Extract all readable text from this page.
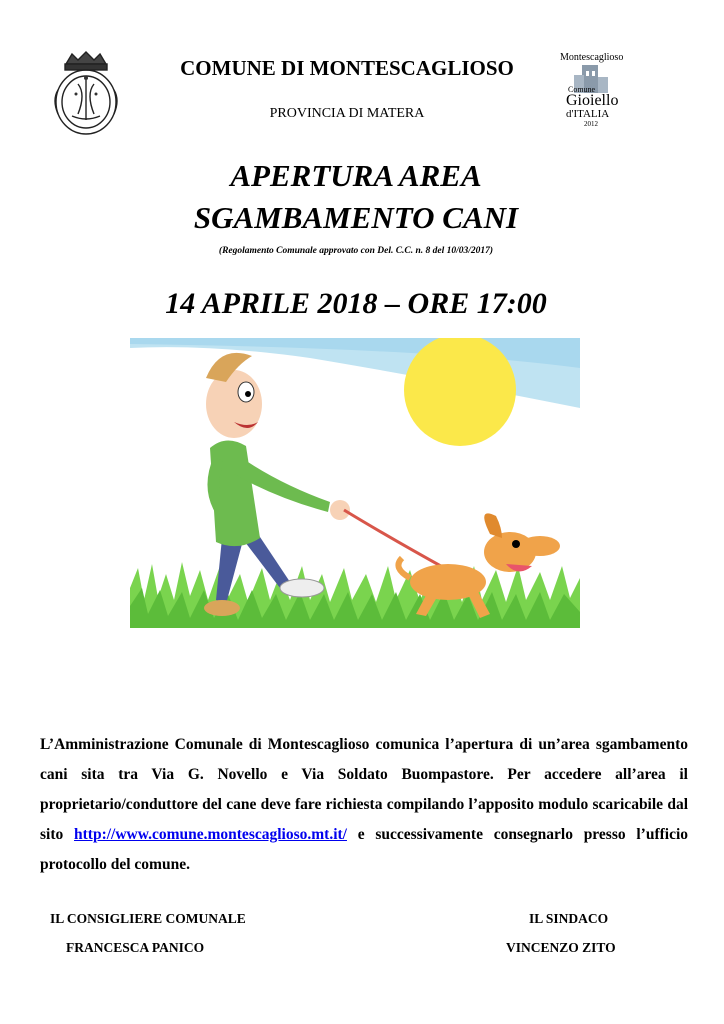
Montescaglioso
Comune
Gioiello
d'ITALIA
2012
COMUNE DI MONTESCAGLIOSO
PROVINCIA DI MATERA
APERTURA AREA
SGAMBAMENTO CANI
(Regolamento Comunale approvato con Del. C.C. n. 8 del 10/03/2017)
14 APRILE 2018 – ORE 17:00
L’Amministrazione Comunale di Montescaglioso comunica l’apertura di un’area sgambamento cani sita tra Via G. Novello e Via Soldato Buompastore. Per accedere all’area il proprietario/conduttore del cane deve fare richiesta compilando l’apposito modulo scaricabile dal sito http://www.comune.montescaglioso.mt.it/ e successivamente consegnarlo presso l’ufficio protocollo del comune.
IL CONSIGLIERE COMUNALE
FRANCESCA PANICO
IL SINDACO
VINCENZO ZITO
